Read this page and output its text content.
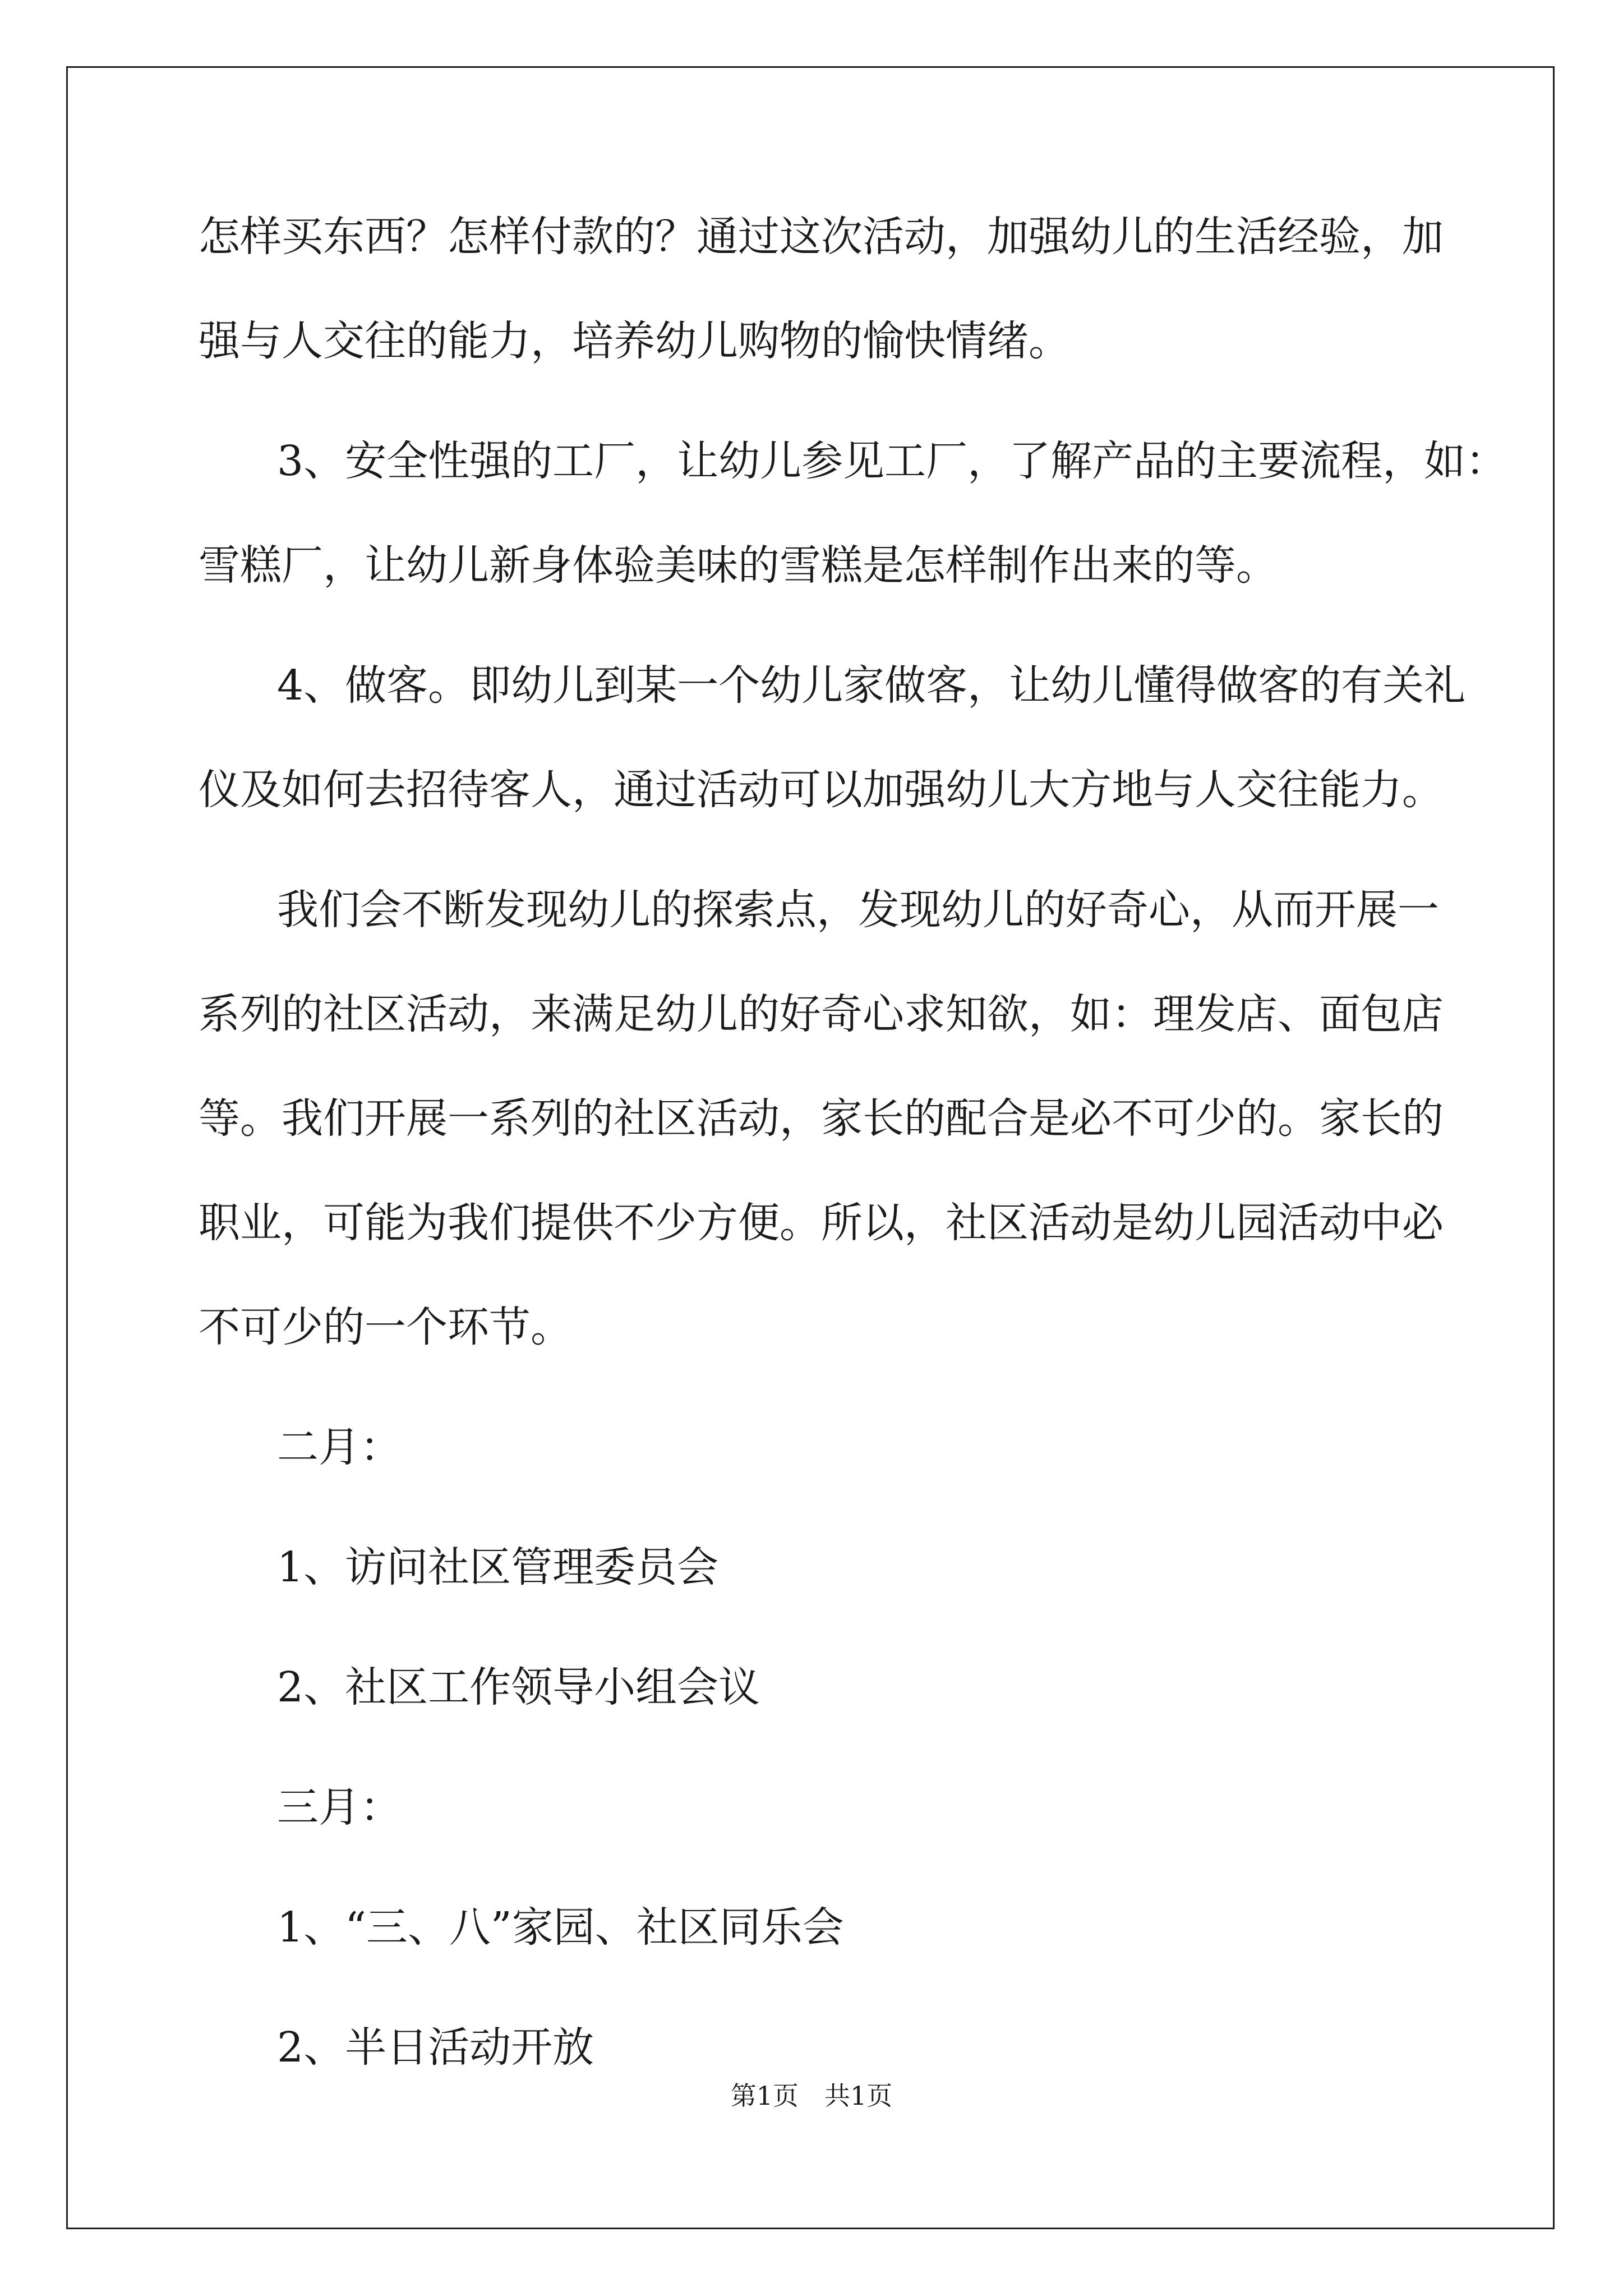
怎样买东西？怎样付款的？通过这次活动，加强幼儿的生活经验，加
强与人交往的能力，培养幼儿购物的愉快情绪。
3、安全性强的工厂，让幼儿参见工厂，了解产品的主要流程，如：
雪糕厂，让幼儿新身体验美味的雪糕是怎样制作出来的等。
4、做客。即幼儿到某一个幼儿家做客，让幼儿懂得做客的有关礼
仪及如何去招待客人，通过活动可以加强幼儿大方地与人交往能力。
我们会不断发现幼儿的探索点，发现幼儿的好奇心，从而开展一
系列的社区活动，来满足幼儿的好奇心求知欲，如：理发店、面包店
等。我们开展一系列的社区活动，家长的配合是必不可少的。家长的
职业，可能为我们提供不少方便。所以，社区活动是幼儿园活动中必
不可少的一个环节。
二月：
1、访问社区管理委员会
2、社区工作领导小组会议
三月：
1、“三、八”家园、社区同乐会
2、半日活动开放
第1页　共1页
